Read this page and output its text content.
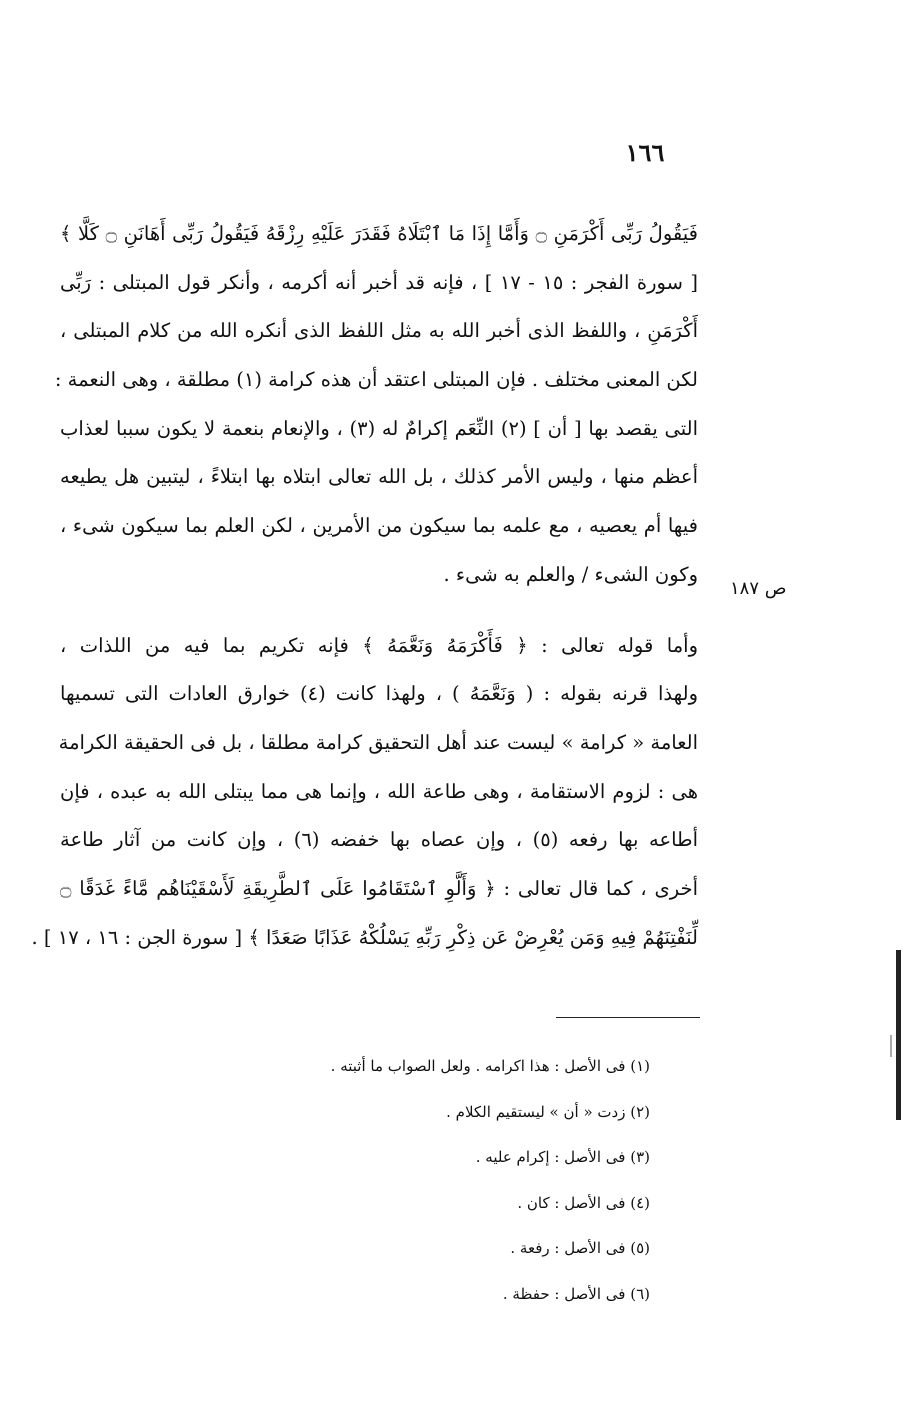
١٦٦
ص ١٨٧
فَيَقُولُ رَبِّى أَكْرَمَنِ ۝ وَأَمَّا إِذَا مَا ٱبْتَلَاهُ فَقَدَرَ عَلَيْهِ رِزْقَهُ فَيَقُولُ رَبِّى أَهَانَنِ ۝ كَلَّا ﴾
[ سورة الفجر : ١٥ - ١٧ ] ، فإنه قد أخبر أنه أكرمه ، وأنكر قول المبتلى : رَبِّى
أَكْرَمَنِ ، واللفظ الذى أخبر الله به مثل اللفظ الذى أنكره الله من كلام المبتلى ،
لكن المعنى مختلف . فإن المبتلى اعتقد أن هذه كرامة (١) مطلقة ، وهى النعمة :
التى يقصد بها [ أن ] (٢) النِّعَم إكرامٌ له (٣) ، والإنعام بنعمة لا يكون سببا لعذاب
أعظم منها ، وليس الأمر كذلك ، بل الله تعالى ابتلاه بها ابتلاءً ، ليتبين هل يطيعه
فيها أم يعصيه ، مع علمه بما سيكون من الأمرين ، لكن العلم بما سيكون شىء ،
وكون الشىء / والعلم به شىء .
وأما قوله تعالى : ﴿ فَأَكْرَمَهُ وَنَعَّمَهُ ﴾ فإنه تكريم بما فيه من اللذات ،
ولهذا قرنه بقوله : ( وَنَعَّمَهُ ) ، ولهذا كانت (٤) خوارق العادات التى تسميها
العامة « كرامة » ليست عند أهل التحقيق كرامة مطلقا ، بل فى الحقيقة الكرامة
هى : لزوم الاستقامة ، وهى طاعة الله ، وإنما هى مما يبتلى الله به عبده ، فإن
أطاعه بها رفعه (٥) ، وإن عصاه بها خفضه (٦) ، وإن كانت من آثار طاعة
أخرى ، كما قال تعالى : ﴿ وَأَلَّوِ ٱسْتَقَامُوا عَلَى ٱلطَّرِيقَةِ لَأَسْقَيْنَاهُم مَّاءً غَدَقًا ۝
لِّنَفْتِنَهُمْ فِيهِ وَمَن يُعْرِضْ عَن ذِكْرِ رَبِّهِ يَسْلُكْهُ عَذَابًا صَعَدًا ﴾ [ سورة الجن : ١٦ ، ١٧ ] .
(١) فى الأصل : هذا اكرامه . ولعل الصواب ما أثبته .
(٢) زدت « أن » ليستقيم الكلام .
(٣) فى الأصل : إكرام عليه .
(٤) فى الأصل : كان .
(٥) فى الأصل : رفعة .
(٦) فى الأصل : حفظة .
